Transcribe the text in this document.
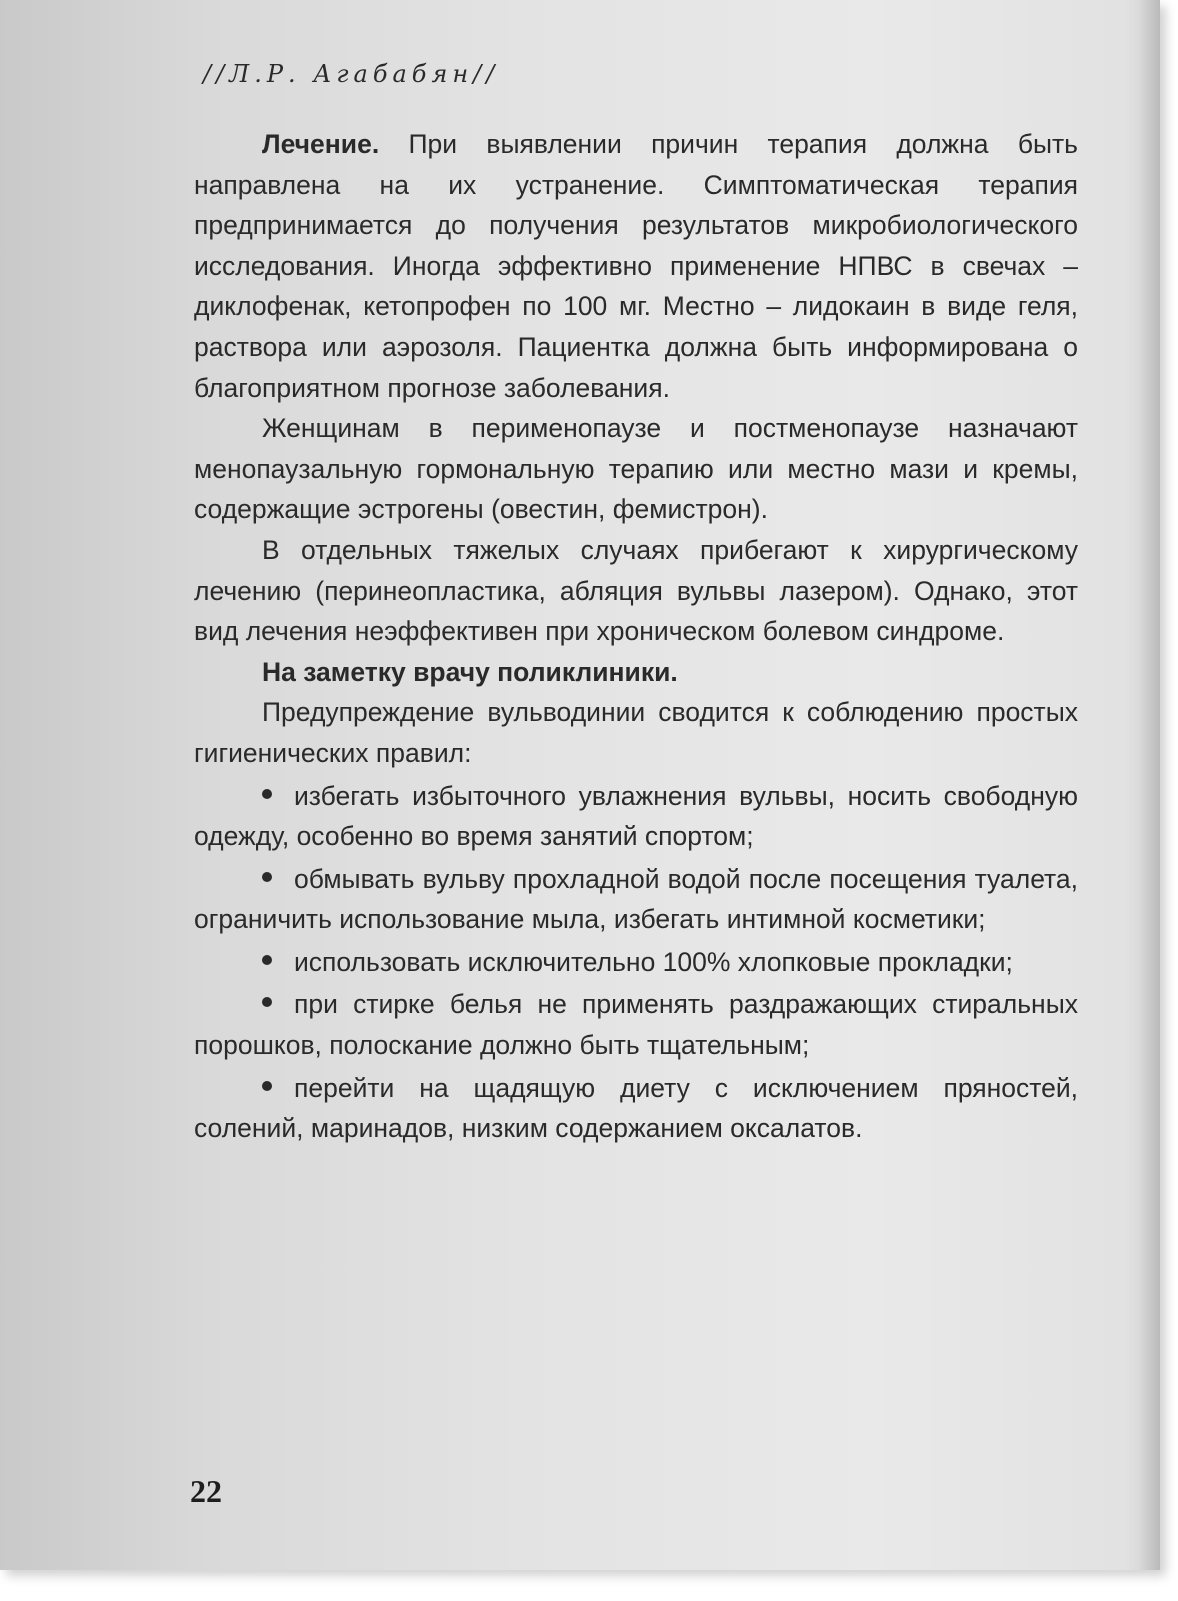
//Л.Р. Агабабян//

Лечение. При выявлении причин терапия должна быть направлена на их устранение. Симптоматическая терапия предпринимается до получения результатов микробиологического исследования. Иногда эффективно применение НПВС в свечах – диклофенак, кетопрофен по 100 мг. Местно – лидокаин в виде геля, раствора или аэрозоля. Пациентка должна быть информирована о благоприятном прогнозе заболевания.

Женщинам в перименопаузе и постменопаузе назначают менопаузальную гормональную терапию или местно мази и кремы, содержащие эстрогены (овестин, фемистрон).

В отдельных тяжелых случаях прибегают к хирургическому лечению (перинеопластика, абляция вульвы лазером). Однако, этот вид лечения неэффективен при хроническом болевом синдроме.

На заметку врачу поликлиники.

Предупреждение вульводинии сводится к соблюдению простых гигиенических правил:

избегать избыточного увлажнения вульвы, носить свободную одежду, особенно во время занятий спортом;
обмывать вульву прохладной водой после посещения туалета, ограничить использование мыла, избегать интимной косметики;
использовать исключительно 100% хлопковые прокладки;
при стирке белья не применять раздражающих стиральных порошков, полоскание должно быть тщательным;
перейти на щадящую диету с исключением пряностей, солений, маринадов, низким содержанием оксалатов.
22
